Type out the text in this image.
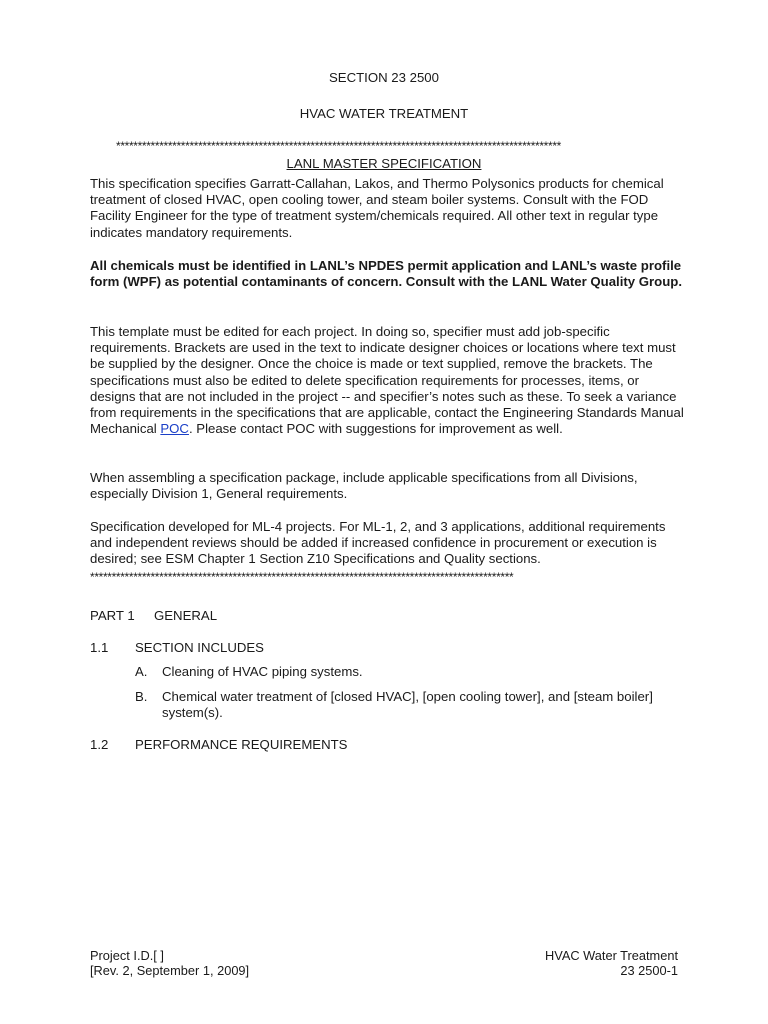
SECTION 23 2500
HVAC WATER TREATMENT
*******************************************************************************************************
LANL MASTER SPECIFICATION
This specification specifies Garratt-Callahan, Lakos, and Thermo Polysonics products for chemical treatment of closed HVAC, open cooling tower, and steam boiler systems. Consult with the FOD Facility Engineer for the type of treatment system/chemicals required. All other text in regular type indicates mandatory requirements.
All chemicals must be identified in LANL’s NPDES permit application and LANL’s waste profile form (WPF) as potential contaminants of concern. Consult with the LANL Water Quality Group.
This template must be edited for each project. In doing so, specifier must add job-specific requirements. Brackets are used in the text to indicate designer choices or locations where text must be supplied by the designer. Once the choice is made or text supplied, remove the brackets. The specifications must also be edited to delete specification requirements for processes, items, or designs that are not included in the project -- and specifier’s notes such as these. To seek a variance from requirements in the specifications that are applicable, contact the Engineering Standards Manual Mechanical POC. Please contact POC with suggestions for improvement as well.
When assembling a specification package, include applicable specifications from all Divisions, especially Division 1, General requirements.
Specification developed for ML-4 projects. For ML-1, 2, and 3 applications, additional requirements and independent reviews should be added if increased confidence in procurement or execution is desired; see ESM Chapter 1 Section Z10 Specifications and Quality sections.
**************************************************************************************************
PART 1 GENERAL
1.1 SECTION INCLUDES
A. Cleaning of HVAC piping systems.
B. Chemical water treatment of [closed HVAC], [open cooling tower], and [steam boiler] system(s).
1.2 PERFORMANCE REQUIREMENTS
Project I.D.[ ]
[Rev. 2, September 1, 2009]
HVAC Water Treatment
23 2500-1
